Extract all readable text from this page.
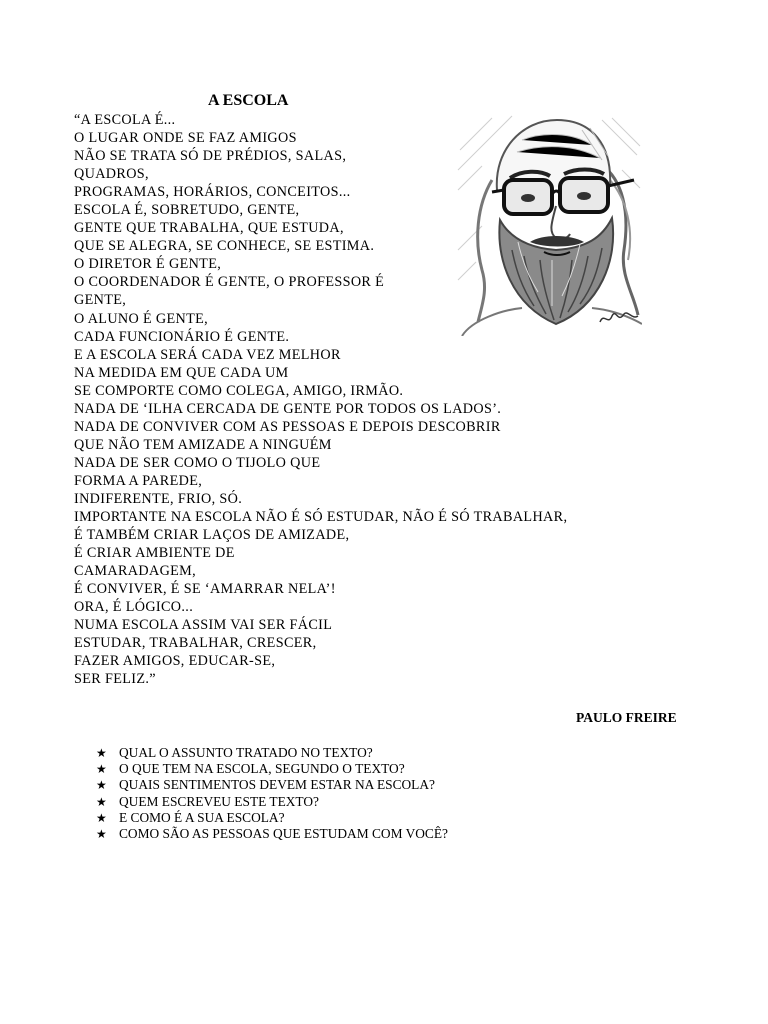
A ESCOLA
“A ESCOLA É...
O LUGAR ONDE SE FAZ AMIGOS
NÃO SE TRATA SÓ DE PRÉDIOS, SALAS,
QUADROS,
PROGRAMAS, HORÁRIOS, CONCEITOS...
ESCOLA É, SOBRETUDO, GENTE,
GENTE QUE TRABALHA, QUE ESTUDA,
QUE SE ALEGRA, SE CONHECE, SE ESTIMA.
O DIRETOR É GENTE,
O COORDENADOR É GENTE, O PROFESSOR É
GENTE,
O ALUNO É GENTE,
CADA FUNCIONÁRIO É GENTE.
E A ESCOLA SERÁ CADA VEZ MELHOR
NA MEDIDA EM QUE CADA UM
SE COMPORTE COMO COLEGA, AMIGO, IRMÃO.
NADA DE ‘ILHA CERCADA DE GENTE POR TODOS OS LADOS’.
NADA DE CONVIVER COM AS PESSOAS E DEPOIS DESCOBRIR
QUE NÃO TEM AMIZADE A NINGUÉM
NADA DE SER COMO O TIJOLO QUE
FORMA A PAREDE,
INDIFERENTE, FRIO, SÓ.
IMPORTANTE NA ESCOLA NÃO É SÓ ESTUDAR, NÃO É SÓ TRABALHAR,
É TAMBÉM CRIAR LAÇOS DE AMIZADE,
É CRIAR AMBIENTE DE
CAMARADAGEM,
É CONVIVER, É SE ‘AMARRAR NELA’!
ORA, É LÓGICO...
NUMA ESCOLA ASSIM VAI SER FÁCIL
ESTUDAR, TRABALHAR, CRESCER,
FAZER AMIGOS, EDUCAR-SE,
SER FELIZ.”
PAULO FREIRE
★ QUAL O ASSUNTO TRATADO NO TEXTO?
★ O QUE TEM NA ESCOLA, SEGUNDO O TEXTO?
★ QUAIS SENTIMENTOS DEVEM ESTAR NA ESCOLA?
★ QUEM ESCREVEU ESTE TEXTO?
★ E COMO É A SUA ESCOLA?
★ COMO SÃO AS PESSOAS QUE ESTUDAM COM VOCÊ?
